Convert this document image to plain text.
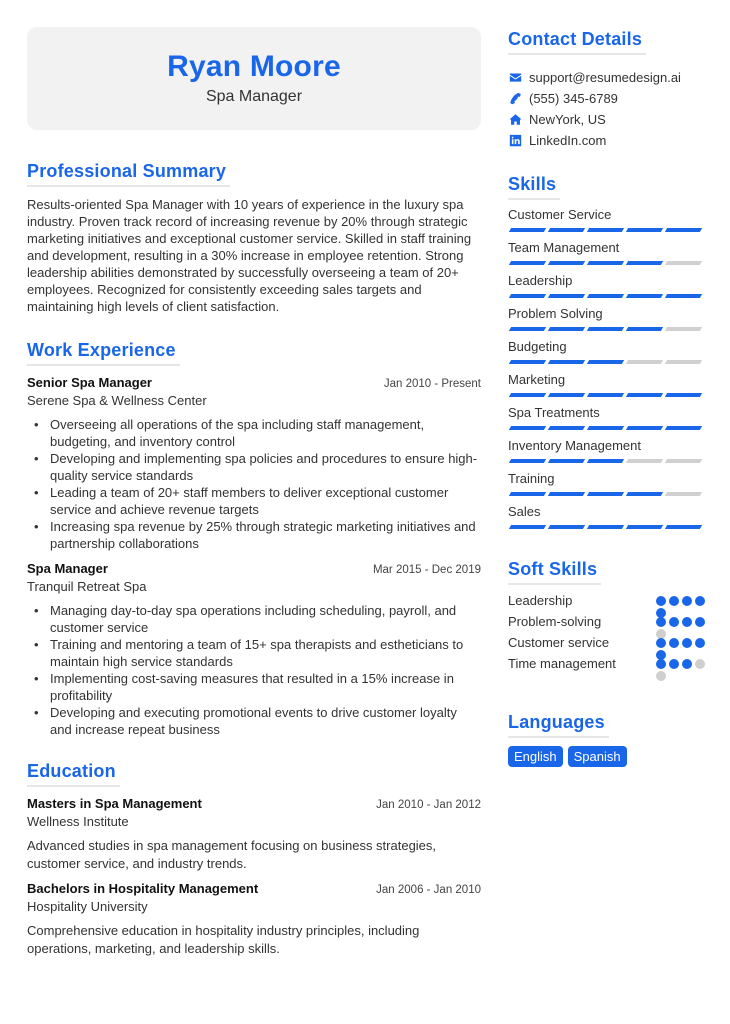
Ryan Moore
Spa Manager
Professional Summary

Results-oriented Spa Manager with 10 years of experience in the luxury spa industry. Proven track record of increasing revenue by 20% through strategic marketing initiatives and exceptional customer service. Skilled in staff training and development, resulting in a 30% increase in employee retention. Strong leadership abilities demonstrated by successfully overseeing a team of 20+ employees. Recognized for consistently exceeding sales targets and maintaining high levels of client satisfaction.

Work Experience
Senior Spa Manager	Jan 2010 - Present
Serene Spa & Wellness Center
• Overseeing all operations of the spa including staff management, budgeting, and inventory control
• Developing and implementing spa policies and procedures to ensure high-quality service standards
• Leading a team of 20+ staff members to deliver exceptional customer service and achieve revenue targets
• Increasing spa revenue by 25% through strategic marketing initiatives and partnership collaborations
Spa Manager	Mar 2015 - Dec 2019
Tranquil Retreat Spa
• Managing day-to-day spa operations including scheduling, payroll, and customer service
• Training and mentoring a team of 15+ spa therapists and estheticians to maintain high service standards
• Implementing cost-saving measures that resulted in a 15% increase in profitability
• Developing and executing promotional events to drive customer loyalty and increase repeat business
Education
Masters in Spa Management	Jan 2010 - Jan 2012
Wellness Institute

Advanced studies in spa management focusing on business strategies, customer service, and industry trends.

Bachelors in Hospitality Management	Jan 2006 - Jan 2010
Hospitality University

Comprehensive education in hospitality industry principles, including operations, marketing, and leadership skills.

Contact Details
support@resumedesign.ai
(555) 345-6789
NewYork, US
LinkedIn.com
Skills
Customer Service
Team Management
Leadership
Problem Solving
Budgeting
Marketing
Spa Treatments
Inventory Management
Training
Sales
Soft Skills
Leadership
Problem-solving
Customer service
Time management
Languages
English	Spanish
